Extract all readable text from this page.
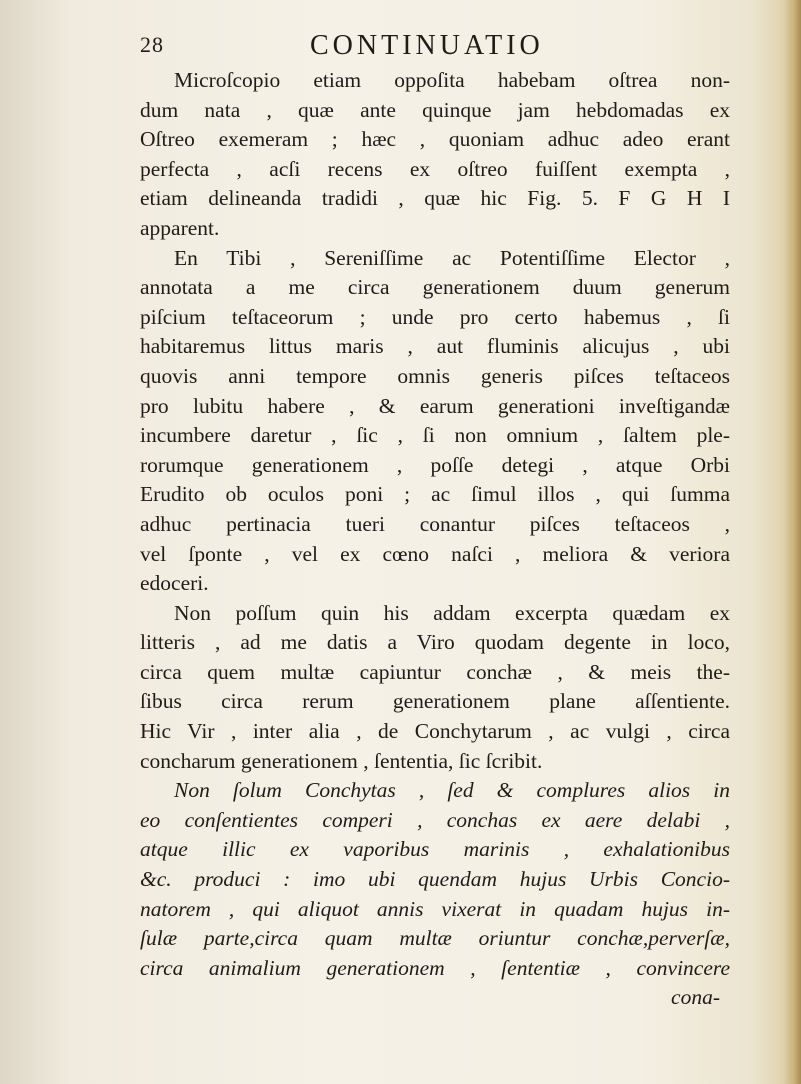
28	CONTINUATIO
Microſcopio etiam oppoſita habebam oſtrea non-
dum nata , quæ ante quinque jam hebdomadas ex
Oſtreo exemeram ; hæc , quoniam adhuc adeo erant
perfecta , acſi recens ex oſtreo fuiſſent exempta ,
etiam delineanda tradidi , quæ hic Fig. 5. F G H I
apparent.
En Tibi , Sereniſſime ac Potentiſſime Elector ,
annotata a me circa generationem duum generum
piſcium teſtaceorum ; unde pro certo habemus , ſi
habitaremus littus maris , aut fluminis alicujus , ubi
quovis anni tempore omnis generis piſces teſtaceos
pro lubitu habere , & earum generationi inveſtigandæ
incumbere daretur , ſic , ſi non omnium , ſaltem ple-
rorumque generationem , poſſe detegi , atque Orbi
Erudito ob oculos poni ; ac ſimul illos , qui ſumma
adhuc pertinacia tueri conantur piſces teſtaceos ,
vel ſponte , vel ex cœno naſci , meliora & veriora
edoceri.
Non poſſum quin his addam excerpta quædam ex
litteris , ad me datis a Viro quodam degente in loco,
circa quem multæ capiuntur conchæ , & meis the-
ſibus circa rerum generationem plane aſſentiente.
Hic Vir , inter alia , de Conchytarum , ac vulgi , circa
concharum generationem , ſententia, ſic ſcribit.
Non ſolum Conchytas , ſed & complures alios in
eo conſentientes comperi , conchas ex aere delabi ,
atque illic ex vaporibus marinis , exhalationibus
&c. produci : imo ubi quendam hujus Urbis Concio-
natorem , qui aliquot annis vixerat in quadam hujus in-
ſulæ parte,circa quam multæ oriuntur conchæ,perverſæ,
circa animalium generationem , ſententiæ , convincere
cona-
